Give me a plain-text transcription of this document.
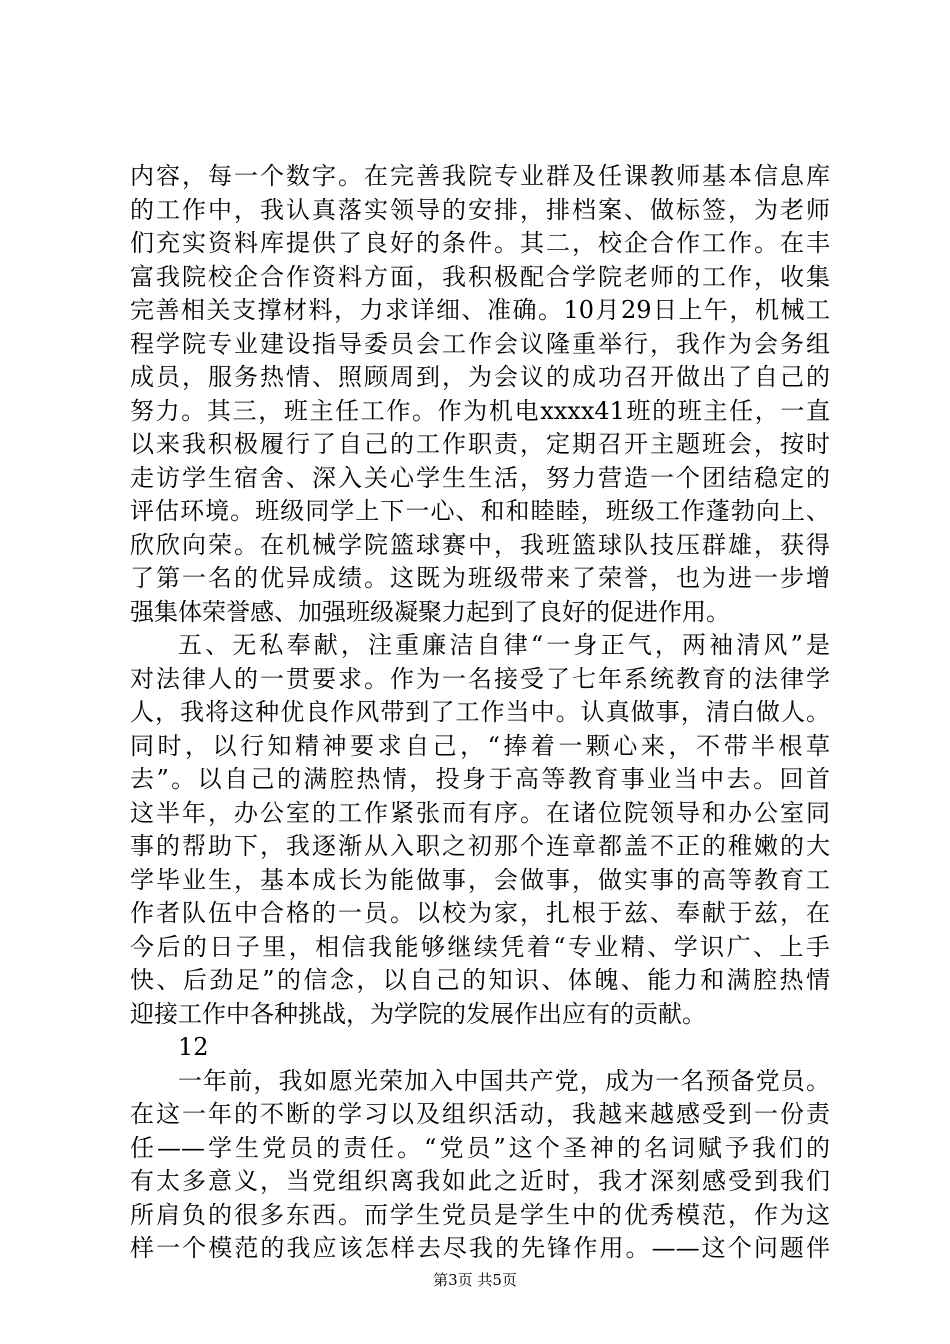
内容，每一个数字。在完善我院专业群及任课教师基本信息库
的工作中，我认真落实领导的安排，排档案、做标签，为老师
们充实资料库提供了良好的条件。其二，校企合作工作。在丰
富我院校企合作资料方面，我积极配合学院老师的工作，收集
完善相关支撑材料，力求详细、准确。10月29日上午，机械工
程学院专业建设指导委员会工作会议隆重举行，我作为会务组
成员，服务热情、照顾周到，为会议的成功召开做出了自己的
努力。其三，班主任工作。作为机电xxxx41班的班主任，一直
以来我积极履行了自己的工作职责，定期召开主题班会，按时
走访学生宿舍、深入关心学生生活，努力营造一个团结稳定的
评估环境。班级同学上下一心、和和睦睦，班级工作蓬勃向上、
欣欣向荣。在机械学院篮球赛中，我班篮球队技压群雄，获得
了第一名的优异成绩。这既为班级带来了荣誉，也为进一步增
强集体荣誉感、加强班级凝聚力起到了良好的促进作用。
五、无私奉献，注重廉洁自律“一身正气，两袖清风”是
对法律人的一贯要求。作为一名接受了七年系统教育的法律学
人，我将这种优良作风带到了工作当中。认真做事，清白做人。
同时，以行知精神要求自己，“捧着一颗心来，不带半根草
去”。以自己的满腔热情，投身于高等教育事业当中去。回首
这半年，办公室的工作紧张而有序。在诸位院领导和办公室同
事的帮助下，我逐渐从入职之初那个连章都盖不正的稚嫩的大
学毕业生，基本成长为能做事，会做事，做实事的高等教育工
作者队伍中合格的一员。以校为家，扎根于兹、奉献于兹，在
今后的日子里，相信我能够继续凭着“专业精、学识广、上手
快、后劲足”的信念，以自己的知识、体魄、能力和满腔热情
迎接工作中各种挑战，为学院的发展作出应有的贡献。
12
一年前，我如愿光荣加入中国共产党，成为一名预备党员。
在这一年的不断的学习以及组织活动，我越来越感受到一份责
任——学生党员的责任。“党员”这个圣神的名词赋予我们的
有太多意义，当党组织离我如此之近时，我才深刻感受到我们
所肩负的很多东西。而学生党员是学生中的优秀模范，作为这
样一个模范的我应该怎样去尽我的先锋作用。——这个问题伴
第3页 共5页
